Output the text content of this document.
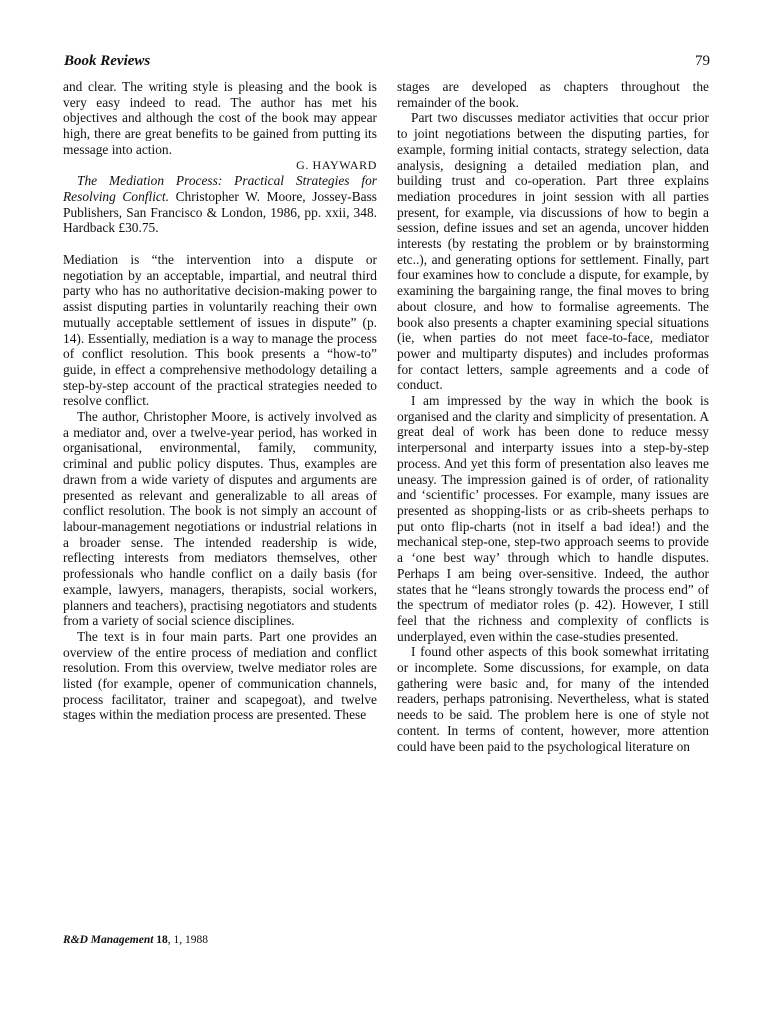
Book Reviews	79

and clear. The writing style is pleasing and the book is very easy indeed to read. The author has met his objectives and although the cost of the book may appear high, there are great benefits to be gained from putting its message into action.

G. HAYWARD

The Mediation Process: Practical Strategies for Resolving Conflict. Christopher W. Moore, Jossey-Bass Publishers, San Francisco & London, 1986, pp. xxii, 348. Hardback £30.75.

Mediation is “the intervention into a dispute or negotiation by an acceptable, impartial, and neutral third party who has no authoritative decision-making power to assist disputing parties in voluntarily reaching their own mutually acceptable settlement of issues in dispute” (p. 14). Essentially, mediation is a way to manage the process of conflict resolution. This book presents a “how-to” guide, in effect a comprehensive methodology detailing a step-by-step account of the practical strategies needed to resolve conflict.

The author, Christopher Moore, is actively involved as a mediator and, over a twelve-year period, has worked in organisational, environmental, family, community, criminal and public policy disputes. Thus, examples are drawn from a wide variety of disputes and arguments are presented as relevant and generalizable to all areas of conflict resolution. The book is not simply an account of labour-management negotiations or industrial relations in a broader sense. The intended readership is wide, reflecting interests from mediators themselves, other professionals who handle conflict on a daily basis (for example, lawyers, managers, therapists, social workers, planners and teachers), practising negotiators and students from a variety of social science disciplines.

The text is in four main parts. Part one provides an overview of the entire process of mediation and conflict resolution. From this overview, twelve mediator roles are listed (for example, opener of communication channels, process facilitator, trainer and scapegoat), and twelve stages within the mediation process are presented. These

stages are developed as chapters throughout the remainder of the book.

Part two discusses mediator activities that occur prior to joint negotiations between the disputing parties, for example, forming initial contacts, strategy selection, data analysis, designing a detailed mediation plan, and building trust and co-operation. Part three explains mediation procedures in joint session with all parties present, for example, via discussions of how to begin a session, define issues and set an agenda, uncover hidden interests (by restating the problem or by brainstorming etc..), and generating options for settlement. Finally, part four examines how to conclude a dispute, for example, by examining the bargaining range, the final moves to bring about closure, and how to formalise agreements. The book also presents a chapter examining special situations (ie, when parties do not meet face-to-face, mediator power and multiparty disputes) and includes proformas for contact letters, sample agreements and a code of conduct.

I am impressed by the way in which the book is organised and the clarity and simplicity of presentation. A great deal of work has been done to reduce messy interpersonal and interparty issues into a step-by-step process. And yet this form of presentation also leaves me uneasy. The impression gained is of order, of rationality and ‘scientific’ processes. For example, many issues are presented as shopping-lists or as crib-sheets perhaps to put onto flip-charts (not in itself a bad idea!) and the mechanical step-one, step-two approach seems to provide a ‘one best way’ through which to handle disputes. Perhaps I am being over-sensitive. Indeed, the author states that he “leans strongly towards the process end” of the spectrum of mediator roles (p. 42). However, I still feel that the richness and complexity of conflicts is underplayed, even within the case-studies presented.

I found other aspects of this book somewhat irritating or incomplete. Some discussions, for example, on data gathering were basic and, for many of the intended readers, perhaps patronising. Nevertheless, what is stated needs to be said. The problem here is one of style not content. In terms of content, however, more attention could have been paid to the psychological literature on

R&D Management 18, 1, 1988
